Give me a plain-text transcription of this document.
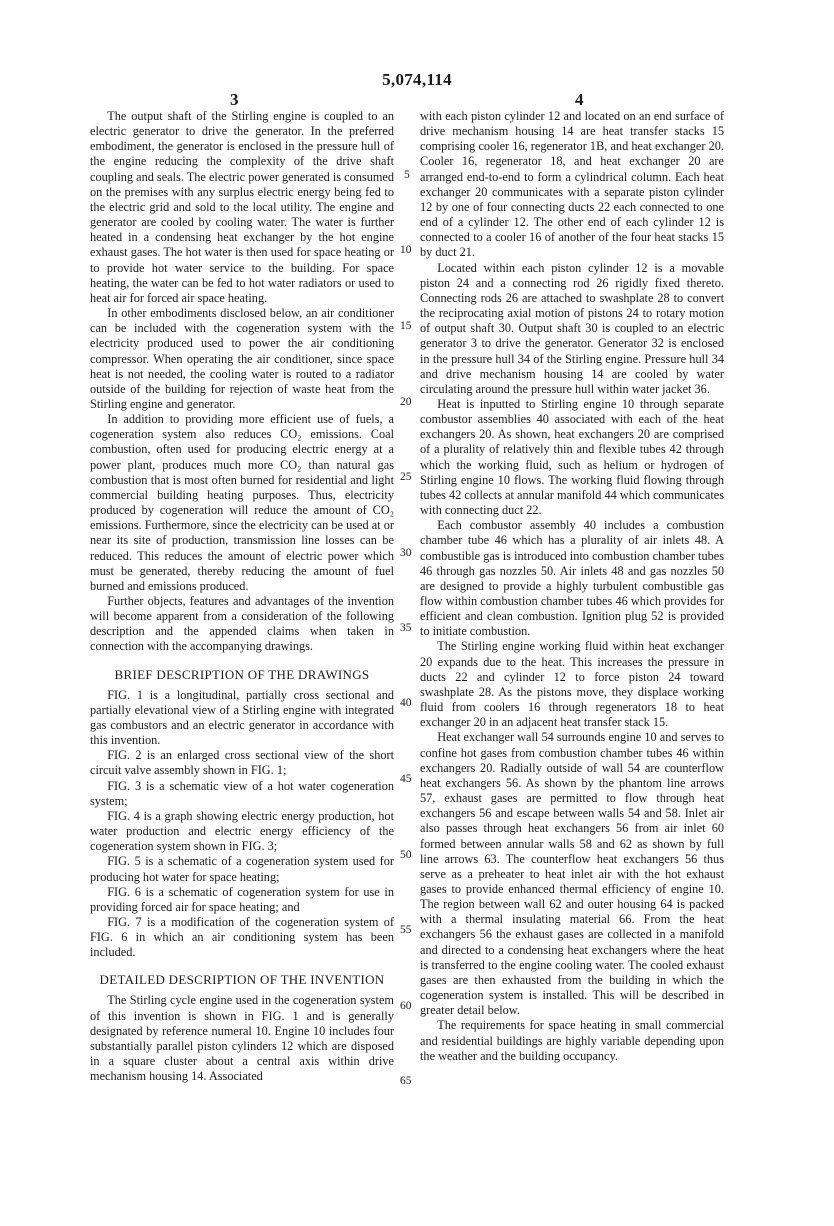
5,074,114
3	4

The output shaft of the Stirling engine is coupled to an electric generator to drive the generator. In the preferred embodiment, the generator is enclosed in the pressure hull of the engine reducing the complexity of the drive shaft coupling and seals. The electric power generated is consumed on the premises with any surplus electric energy being fed to the electric grid and sold to the local utility. The engine and generator are cooled by cooling water. The water is further heated in a condensing heat exchanger by the hot engine exhaust gases. The hot water is then used for space heating or to provide hot water service to the building. For space heating, the water can be fed to hot water radiators or used to heat air for forced air space heating.

In other embodiments disclosed below, an air conditioner can be included with the cogeneration system with the electricity produced used to power the air conditioning compressor. When operating the air conditioner, since space heat is not needed, the cooling water is routed to a radiator outside of the building for rejection of waste heat from the Stirling engine and generator.

In addition to providing more efficient use of fuels, a cogeneration system also reduces CO₂ emissions. Coal combustion, often used for producing electric energy at a power plant, produces much more CO₂ than natural gas combustion that is most often burned for residential and light commercial building heating purposes. Thus, electricity produced by cogeneration will reduce the amount of CO₂ emissions. Furthermore, since the electricity can be used at or near its site of production, transmission line losses can be reduced. This reduces the amount of electric power which must be generated, thereby reducing the amount of fuel burned and emissions produced.

Further objects, features and advantages of the invention will become apparent from a consideration of the following description and the appended claims when taken in connection with the accompanying drawings.

BRIEF DESCRIPTION OF THE DRAWINGS

FIG. 1 is a longitudinal, partially cross sectional and partially elevational view of a Stirling engine with integrated gas combustors and an electric generator in accordance with this invention.

FIG. 2 is an enlarged cross sectional view of the short circuit valve assembly shown in FIG. 1;

FIG. 3 is a schematic view of a hot water cogeneration system;

FIG. 4 is a graph showing electric energy production, hot water production and electric energy efficiency of the cogeneration system shown in FIG. 3;

FIG. 5 is a schematic of a cogeneration system used for producing hot water for space heating;

FIG. 6 is a schematic of cogeneration system for use in providing forced air for space heating; and

FIG. 7 is a modification of the cogeneration system of FIG. 6 in which an air conditioning system has been included.

DETAILED DESCRIPTION OF THE INVENTION

The Stirling cycle engine used in the cogeneration system of this invention is shown in FIG. 1 and is generally designated by reference numeral 10. Engine 10 includes four substantially parallel piston cylinders 12 which are disposed in a square cluster about a central axis within drive mechanism housing 14. Associated

with each piston cylinder 12 and located on an end surface of drive mechanism housing 14 are heat transfer stacks 15 comprising cooler 16, regenerator 1B, and heat exchanger 20. Cooler 16, regenerator 18, and heat exchanger 20 are arranged end-to-end to form a cylindrical column. Each heat exchanger 20 communicates with a separate piston cylinder 12 by one of four connecting ducts 22 each connected to one end of a cylinder 12. The other end of each cylinder 12 is connected to a cooler 16 of another of the four heat stacks 15 by duct 21.

Located within each piston cylinder 12 is a movable piston 24 and a connecting rod 26 rigidly fixed thereto. Connecting rods 26 are attached to swashplate 28 to convert the reciprocating axial motion of pistons 24 to rotary motion of output shaft 30. Output shaft 30 is coupled to an electric generator 3 to drive the generator. Generator 32 is enclosed in the pressure hull 34 of the Stirling engine. Pressure hull 34 and drive mechanism housing 14 are cooled by water circulating around the pressure hull within water jacket 36.

Heat is inputted to Stirling engine 10 through separate combustor assemblies 40 associated with each of the heat exchangers 20. As shown, heat exchangers 20 are comprised of a plurality of relatively thin and flexible tubes 42 through which the working fluid, such as helium or hydrogen of Stirling engine 10 flows. The working fluid flowing through tubes 42 collects at annular manifold 44 which communicates with connecting duct 22.

Each combustor assembly 40 includes a combustion chamber tube 46 which has a plurality of air inlets 48. A combustible gas is introduced into combustion chamber tubes 46 through gas nozzles 50. Air inlets 48 and gas nozzles 50 are designed to provide a highly turbulent combustible gas flow within combustion chamber tubes 46 which provides for efficient and clean combustion. Ignition plug 52 is provided to initiate combustion.

The Stirling engine working fluid within heat exchanger 20 expands due to the heat. This increases the pressure in ducts 22 and cylinder 12 to force piston 24 toward swashplate 28. As the pistons move, they displace working fluid from coolers 16 through regenerators 18 to heat exchanger 20 in an adjacent heat transfer stack 15.

Heat exchanger wall 54 surrounds engine 10 and serves to confine hot gases from combustion chamber tubes 46 within exchangers 20. Radially outside of wall 54 are counterflow heat exchangers 56. As shown by the phantom line arrows 57, exhaust gases are permitted to flow through heat exchangers 56 and escape between walls 54 and 58. Inlet air also passes through heat exchangers 56 from air inlet 60 formed between annular walls 58 and 62 as shown by full line arrows 63. The counterflow heat exchangers 56 thus serve as a preheater to heat inlet air with the hot exhaust gases to provide enhanced thermal efficiency of engine 10. The region between wall 62 and outer housing 64 is packed with a thermal insulating material 66. From the heat exchangers 56 the exhaust gases are collected in a manifold and directed to a condensing heat exchangers where the heat is transferred to the engine cooling water. The cooled exhaust gases are then exhausted from the building in which the cogeneration system is installed. This will be described in greater detail below.

The requirements for space heating in small commercial and residential buildings are highly variable depending upon the weather and the building occupancy.

5
10
15
20
25
30
35
40
45
50
55
60
65
